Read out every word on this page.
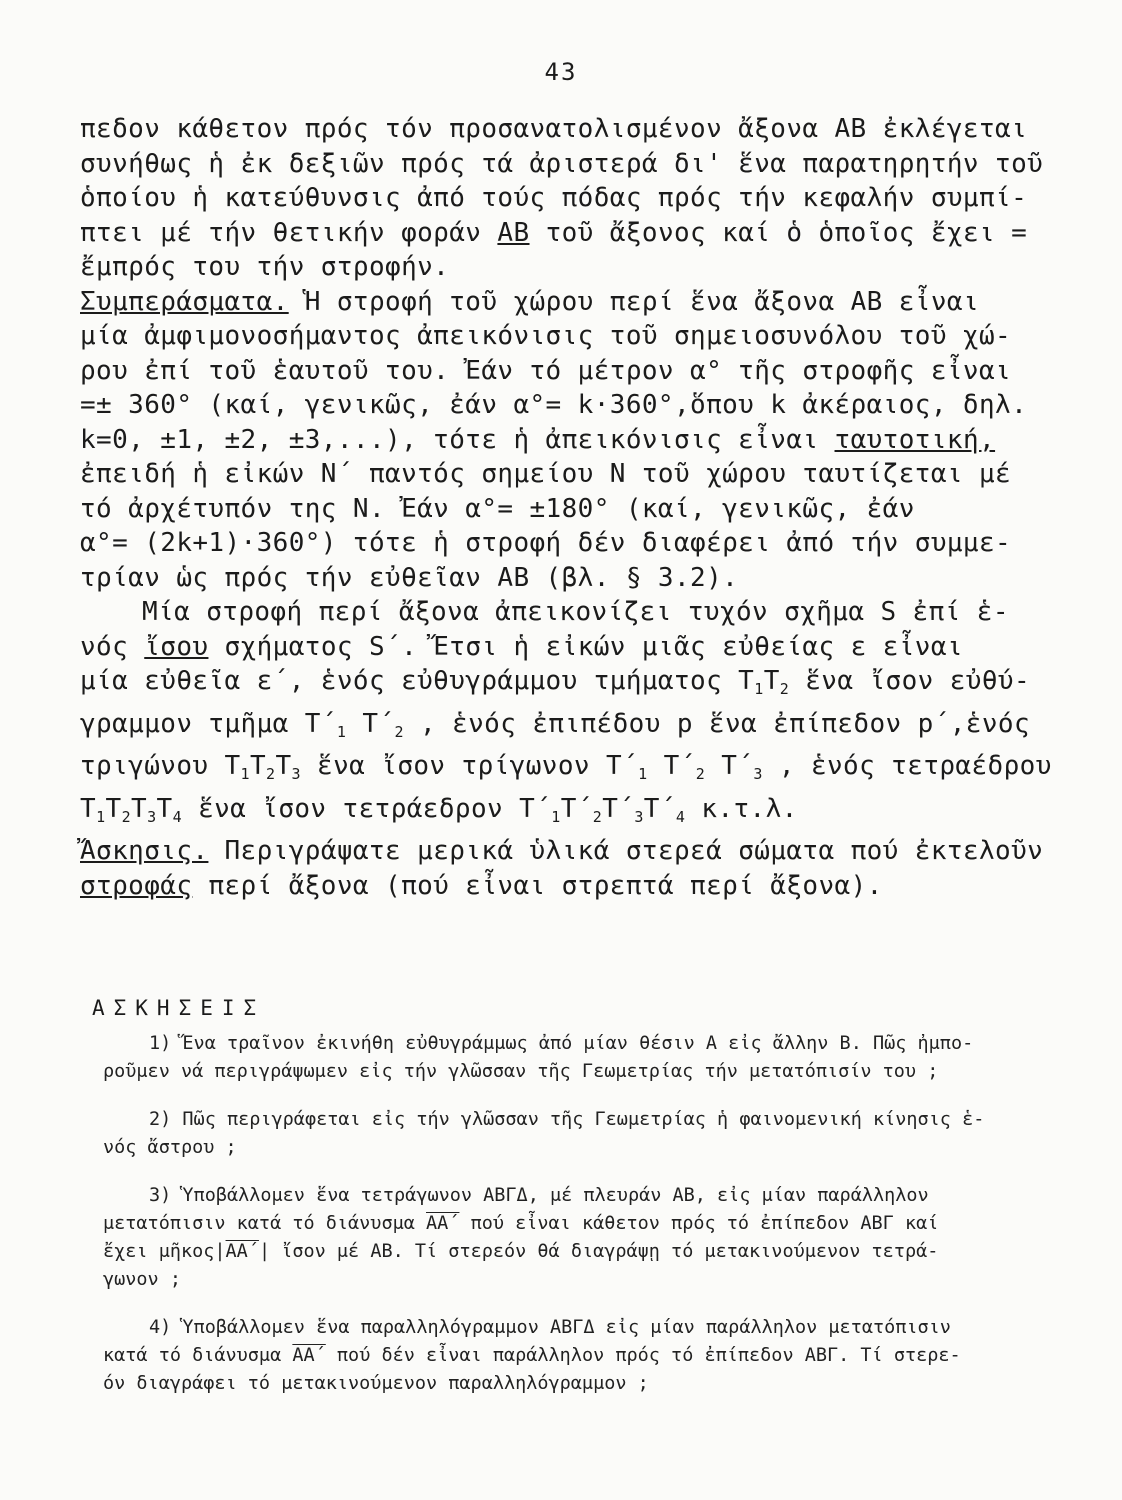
43
πεδον κάθετον πρός τόν προσανατολισμένον ἄξονα ΑΒ ἐκλέγεται
συνήθως ἡ ἐκ δεξιῶν πρός τά ἀριστερά δι' ἕνα παρατηρητήν τοῦ
ὁποίου ἡ κατεύθυνσις ἀπό τούς πόδας πρός τήν κεφαλήν συμπί-
πτει μέ τήν θετικήν φοράν ΑΒ τοῦ ἄξονος καί ὁ ὁποῖος ἔχει =
ἔμπρός του τήν στροφήν.
Συμπεράσματα. Ἡ στροφή τοῦ χώρου περί ἕνα ἄξονα ΑΒ εἶναι
μία ἀμφιμονοσήμαντος ἀπεικόνισις τοῦ σημειοσυνόλου τοῦ χώ-
ρου ἐπί τοῦ ἑαυτοῦ του. Ἐάν τό μέτρον α° τῆς στροφῆς εἶναι
=± 360° (καί, γενικῶς, ἐάν α°= k·360°,ὅπου k ἀκέραιος, δηλ.
k=0, ±1, ±2, ±3,...), τότε ἡ ἀπεικόνισις εἶναι ταυτοτική,
ἐπειδή ἡ εἰκών Ν΄ παντός σημείου Ν τοῦ χώρου ταυτίζεται μέ
τό ἀρχέτυπόν της Ν. Ἐάν α°= ±180° (καί, γενικῶς, ἐάν
α°= (2k+1)·360°) τότε ἡ στροφή δέν διαφέρει ἀπό τήν συμμε-
τρίαν ὡς πρός τήν εὐθεῖαν ΑΒ (βλ. § 3.2).
Μία στροφή περί ἄξονα ἀπεικονίζει τυχόν σχῆμα S ἐπί ἑ-
νός ἴσου σχήματος S΄. Ἔτσι ἡ εἰκών μιᾶς εὐθείας ε εἶναι
μία εὐθεῖα ε΄, ἑνός εὐθυγράμμου τμήματος $T_1T_2$ ἕνα ἴσον εὐθύ-
γραμμον τμῆμα $T΄_1$ $T΄_2$ , ἑνός ἐπιπέδου p ἕνα ἐπίπεδον p΄,ἑνός
τριγώνου $T_1T_2T_3$ ἕνα ἴσον τρίγωνον $T΄_1$ $T΄_2$ $T΄_3$ , ἑνός τετραέδρου
$T_1T_2T_3T_4$ ἕνα ἴσον τετράεδρον $T΄_1T΄_2T΄_3T΄_4$ κ.τ.λ.
Ἄσκησις. Περιγράψατε μερικά ὑλικά στερεά σώματα πού ἐκτελοῦν
στροφάς περί ἄξονα (πού εἶναι στρεπτά περί ἄξονα).
ΑΣΚΗΣΕΙΣ
1) Ἕνα τραῖνον ἐκινήθη εὐθυγράμμως ἀπό μίαν θέσιν Α εἰς ἄλλην Β. Πῶς ἠμπο-
ροῦμεν νά περιγράψωμεν εἰς τήν γλῶσσαν τῆς Γεωμετρίας τήν μετατόπισίν του ;
2) Πῶς περιγράφεται εἰς τήν γλῶσσαν τῆς Γεωμετρίας ἡ φαινομενική κίνησις ἑ-
νός ἄστρου ;
3) Ὑποβάλλομεν ἕνα τετράγωνον ΑΒΓΔ, μέ πλευράν ΑΒ, εἰς μίαν παράλληλον
μετατόπισιν κατά τό διάνυσμα $\overline{AA΄}$ πού εἶναι κάθετον πρός τό ἐπίπεδον ΑΒΓ καί
ἔχει $\mu ῆ\kappa o\varsigma|\overline{AA΄}|$ ἴσον μέ ΑΒ. Τί στερεόν θά διαγράψῃ τό μετακινούμενον τετρά-
γωνον ;
4) Ὑποβάλλομεν ἕνα παραλληλόγραμμον ΑΒΓΔ εἰς μίαν παράλληλον μετατόπισιν
κατά τό διάνυσμα $\overline{AA΄}$ πού δέν εἶναι παράλληλον πρός τό ἐπίπεδον ΑΒΓ. Τί στερε-
όν διαγράφει τό μετακινούμενον παραλληλόγραμμον ;
